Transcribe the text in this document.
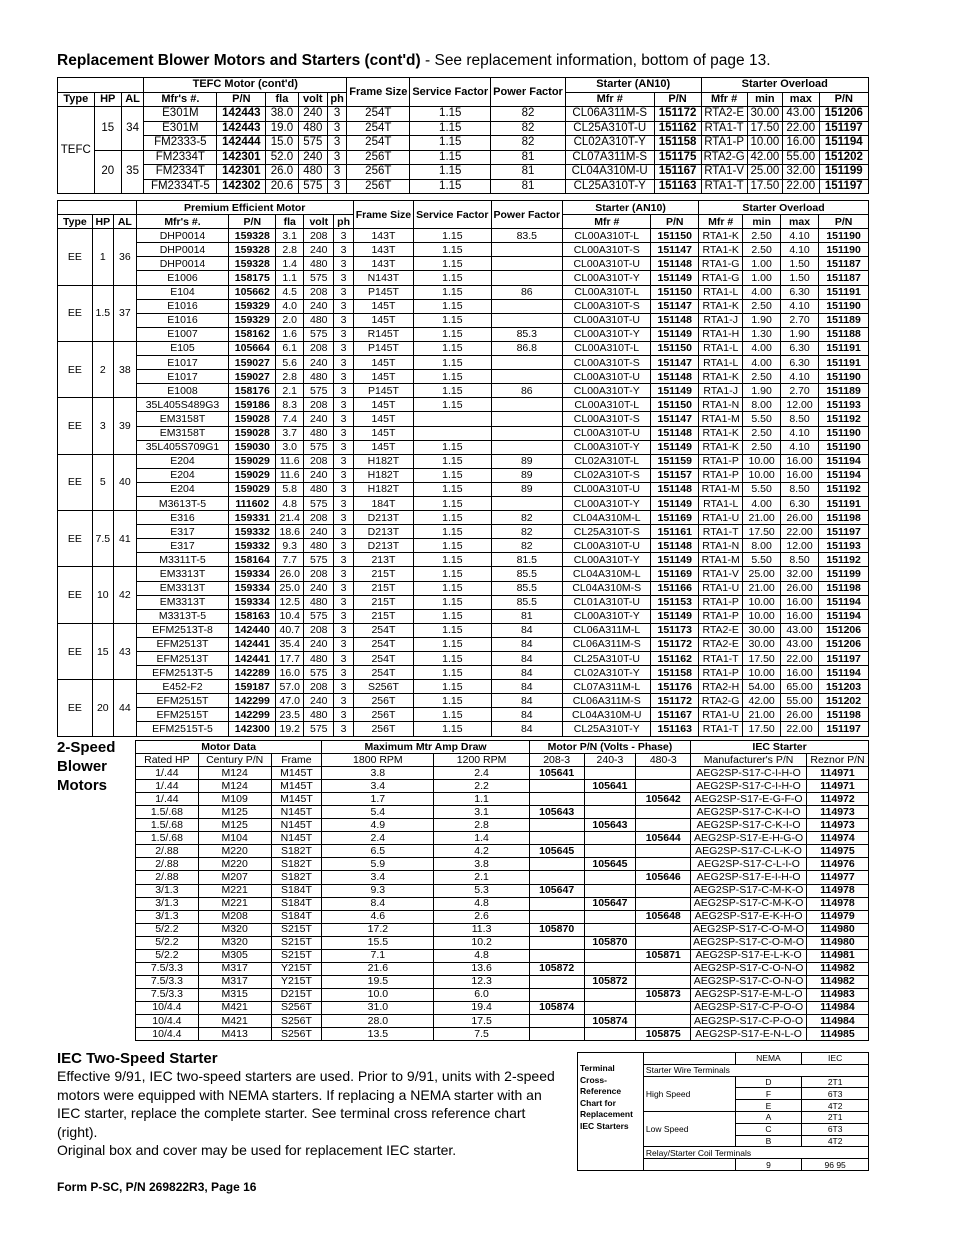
Replacement Blower Motors and Starters (cont'd) - See replacement information, bottom of page 13.
			TEFC Motor (cont'd)					Frame Size	Service Factor	Power Factor	Starter (AN10)		Starter Overload			
Type	HP	AL	Mfr's #.	P/N	fla	volt	ph				Mfr #	P/N	Mfr #	min	max	P/N
TEFC	15	34	E301M	142443	38.0	240	3	254T	1.15	82	CL06A311M-S	151172	RTA2-E	30.00	43.00	151206
			E301M	142443	19.0	480	3	254T	1.15	82	CL25A310T-U	151162	RTA1-T	17.50	22.00	151197
			FM2333-5	142444	15.0	575	3	254T	1.15	82	CL02A310T-Y	151158	RTA1-P	10.00	16.00	151194
	20	35	FM2334T	142301	52.0	240	3	256T	1.15	81	CL07A311M-S	151175	RTA2-G	42.00	55.00	151202
			FM2334T	142301	26.0	480	3	256T	1.15	81	CL04A310M-U	151167	RTA1-V	25.00	32.00	151199
			FM2334T-5	142302	20.6	575	3	256T	1.15	81	CL25A310T-Y	151163	RTA1-T	17.50	22.00	151197
			Premium Efficient Motor					Frame Size	Service Factor	Power Factor	Starter (AN10)		Starter Overload			
Type	HP	AL	Mfr's #.	P/N	fla	volt	ph				Mfr #	P/N	Mfr #	min	max	P/N
EE	1	36	DHP0014	159328	3.1	208	3	143T	1.15	83.5	CL00A310T-L	151150	RTA1-K	2.50	4.10	151190
			DHP0014	159328	2.8	240	3	143T	1.15		CL00A310T-S	151147	RTA1-K	2.50	4.10	151190
			DHP0014	159328	1.4	480	3	143T	1.15		CL00A310T-U	151148	RTA1-G	1.00	1.50	151187
			E1006	158175	1.1	575	3	N143T	1.15		CL00A310T-Y	151149	RTA1-G	1.00	1.50	151187
EE	1.5	37	E104	105662	4.5	208	3	P145T	1.15	86	CL00A310T-L	151150	RTA1-L	4.00	6.30	151191
			E1016	159329	4.0	240	3	145T	1.15		CL00A310T-S	151147	RTA1-K	2.50	4.10	151190
			E1016	159329	2.0	480	3	145T	1.15		CL00A310T-U	151148	RTA1-J	1.90	2.70	151189
			E1007	158162	1.6	575	3	R145T	1.15	85.3	CL00A310T-Y	151149	RTA1-H	1.30	1.90	151188
EE	2	38	E105	105664	6.1	208	3	P145T	1.15	86.8	CL00A310T-L	151150	RTA1-L	4.00	6.30	151191
			E1017	159027	5.6	240	3	145T	1.15		CL00A310T-S	151147	RTA1-L	4.00	6.30	151191
			E1017	159027	2.8	480	3	145T	1.15		CL00A310T-U	151148	RTA1-K	2.50	4.10	151190
			E1008	158176	2.1	575	3	P145T	1.15	86	CL00A310T-Y	151149	RTA1-J	1.90	2.70	151189
EE	3	39	35L405S489G3	159186	8.3	208	3	145T	1.15		CL00A310T-L	151150	RTA1-N	8.00	12.00	151193
			EM3158T	159028	7.4	240	3	145T			CL00A310T-S	151147	RTA1-M	5.50	8.50	151192
			EM3158T	159028	3.7	480	3	145T			CL00A310T-U	151148	RTA1-K	2.50	4.10	151190
			35L405S709G1	159030	3.0	575	3	145T	1.15		CL00A310T-Y	151149	RTA1-K	2.50	4.10	151190
EE	5	40	E204	159029	11.6	208	3	H182T	1.15	89	CL02A310T-L	151159	RTA1-P	10.00	16.00	151194
			E204	159029	11.6	240	3	H182T	1.15	89	CL02A310T-S	151157	RTA1-P	10.00	16.00	151194
			E204	159029	5.8	480	3	H182T	1.15	89	CL00A310T-U	151148	RTA1-M	5.50	8.50	151192
			M3613T-5	111602	4.8	575	3	184T	1.15		CL00A310T-Y	151149	RTA1-L	4.00	6.30	151191
EE	7.5	41	E316	159331	21.4	208	3	D213T	1.15	82	CL04A310M-L	151169	RTA1-U	21.00	26.00	151198
			E317	159332	18.6	240	3	D213T	1.15	82	CL25A310T-S	151161	RTA1-T	17.50	22.00	151197
			E317	159332	9.3	480	3	D213T	1.15	82	CL00A310T-U	151148	RTA1-N	8.00	12.00	151193
			M3311T-5	158164	7.7	575	3	213T	1.15	81.5	CL00A310T-Y	151149	RTA1-M	5.50	8.50	151192
EE	10	42	EM3313T	159334	26.0	208	3	215T	1.15	85.5	CL04A310M-L	151169	RTA1-V	25.00	32.00	151199
			EM3313T	159334	25.0	240	3	215T	1.15	85.5	CL04A310M-S	151166	RTA1-U	21.00	26.00	151198
			EM3313T	159334	12.5	480	3	215T	1.15	85.5	CL01A310T-U	151153	RTA1-P	10.00	16.00	151194
			M3313T-5	158163	10.4	575	3	215T	1.15	81	CL00A310T-Y	151149	RTA1-P	10.00	16.00	151194
EE	15	43	EFM2513T-8	142440	40.7	208	3	254T	1.15	84	CL06A311M-L	151173	RTA2-E	30.00	43.00	151206
			EFM2513T	142441	35.4	240	3	254T	1.15	84	CL06A311M-S	151172	RTA2-E	30.00	43.00	151206
			EFM2513T	142441	17.7	480	3	254T	1.15	84	CL25A310T-U	151162	RTA1-T	17.50	22.00	151197
			EFM2513T-5	142289	16.0	575	3	254T	1.15	84	CL02A310T-Y	151158	RTA1-P	10.00	16.00	151194
EE	20	44	E452-F2	159187	57.0	208	3	S256T	1.15	84	CL07A311M-L	151176	RTA2-H	54.00	65.00	151203
			EFM2515T	142299	47.0	240	3	256T	1.15	84	CL06A311M-S	151172	RTA2-G	42.00	55.00	151202
			EFM2515T	142299	23.5	480	3	256T	1.15	84	CL04A310M-U	151167	RTA1-U	21.00	26.00	151198
			EFM2515T-5	142300	19.2	575	3	256T	1.15	84	CL25A310T-Y	151163	RTA1-T	17.50	22.00	151197
2-Speed
Blower
Motors
Motor Data			Maximum Mtr Amp Draw		Motor P/N (Volts - Phase)			IEC Starter	
Rated HP	Century P/N	Frame	1800 RPM	1200 RPM	208-3	240-3	480-3	Manufacturer's P/N	Reznor P/N
1/.44	M124	M145T	3.8	2.4	105641			AEG2SP-S17-C-I-H-O	114971
1/.44	M124	M145T	3.4	2.2		105641		AEG2SP-S17-C-I-H-O	114971
1/.44	M109	M145T	1.7	1.1			105642	AEG2SP-S17-E-G-F-O	114972
1.5/.68	M125	N145T	5.4	3.1	105643			AEG2SP-S17-C-K-I-O	114973
1.5/.68	M125	N145T	4.9	2.8		105643		AEG2SP-S17-C-K-I-O	114973
1.5/.68	M104	N145T	2.4	1.4			105644	AEG2SP-S17-E-H-G-O	114974
2/.88	M220	S182T	6.5	4.2	105645			AEG2SP-S17-C-L-K-O	114975
2/.88	M220	S182T	5.9	3.8		105645		AEG2SP-S17-C-L-I-O	114976
2/.88	M207	S182T	3.4	2.1			105646	AEG2SP-S17-E-I-H-O	114977
3/1.3	M221	S184T	9.3	5.3	105647			AEG2SP-S17-C-M-K-O	114978
3/1.3	M221	S184T	8.4	4.8		105647		AEG2SP-S17-C-M-K-O	114978
3/1.3	M208	S184T	4.6	2.6			105648	AEG2SP-S17-E-K-H-O	114979
5/2.2	M320	S215T	17.2	11.3	105870			AEG2SP-S17-C-O-M-O	114980
5/2.2	M320	S215T	15.5	10.2		105870		AEG2SP-S17-C-O-M-O	114980
5/2.2	M305	S215T	7.1	4.8			105871	AEG2SP-S17-E-L-K-O	114981
7.5/3.3	M317	Y215T	21.6	13.6	105872			AEG2SP-S17-C-O-N-O	114982
7.5/3.3	M317	Y215T	19.5	12.3		105872		AEG2SP-S17-C-O-N-O	114982
7.5/3.3	M315	D215T	10.0	6.0			105873	AEG2SP-S17-E-M-L-O	114983
10/4.4	M421	S256T	31.0	19.4	105874			AEG2SP-S17-C-P-O-O	114984
10/4.4	M421	S256T	28.0	17.5		105874		AEG2SP-S17-C-P-O-O	114984
10/4.4	M413	S256T	13.5	7.5			105875	AEG2SP-S17-E-N-L-O	114985
IEC Two-Speed Starter

Effective 9/91, IEC two-speed starters are used. Prior to 9/91, units with 2-speed motors were equipped with NEMA starters. If replacing a NEMA starter with an IEC starter, replace the complete starter. See terminal cross reference chart (right).

Original box and cover may be used for replacement IEC starter.

Terminal Cross-Reference Chart for Replacement IEC Starters		NEMA	IEC
	Starter Wire Terminals		
	High Speed	D	2T1
		F	6T3
		E	4T2
	Low Speed	A	2T1
		C	6T3
		B	4T2
	Relay/Starter Coil Terminals		
		9	96 95
Form P-SC, P/N 269822R3, Page 16
